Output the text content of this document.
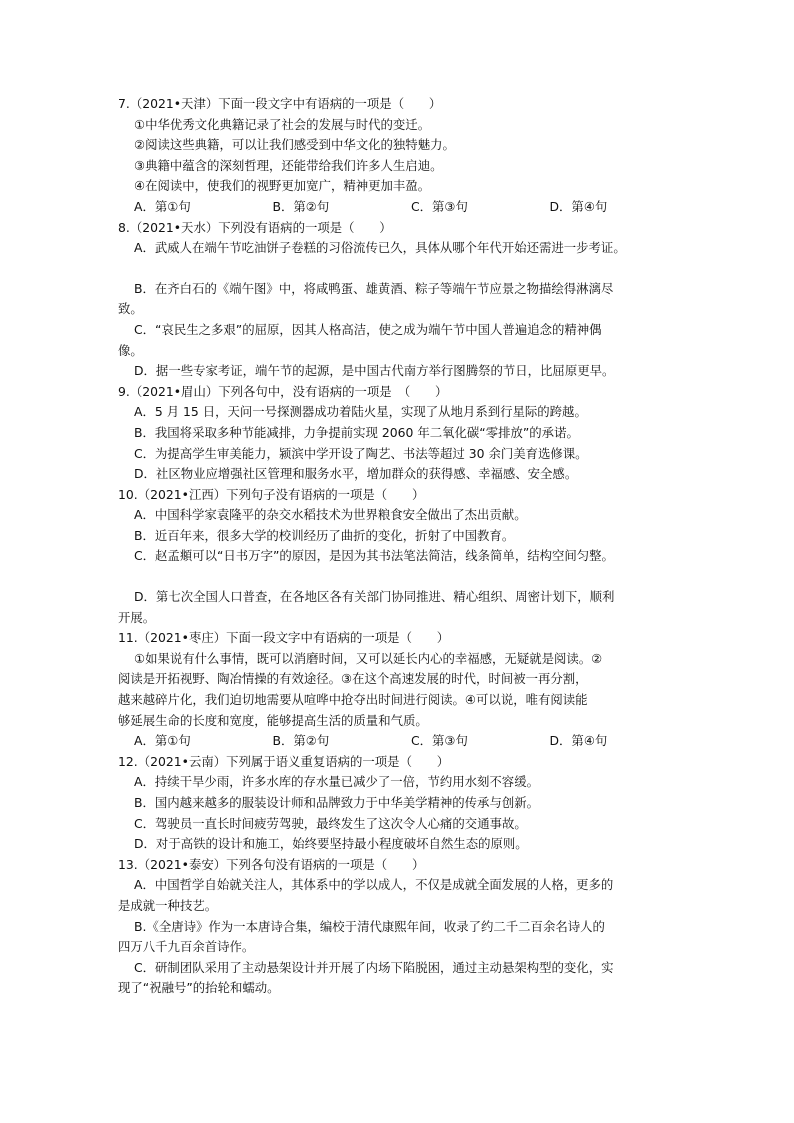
7.（2021•天津）下面一段文字中有语病的一项是（　　）

①中华优秀文化典籍记录了社会的发展与时代的变迁。

②阅读这些典籍，可以让我们感受到中华文化的独特魅力。

③典籍中蕴含的深刻哲理，还能带给我们许多人生启迪。

④在阅读中，使我们的视野更加宽广，精神更加丰盈。

A．第①句	B．第②句	C．第③句	D．第④句

8.（2021•天水）下列没有语病的一项是（　　）

A．武威人在端午节吃油饼子卷糕的习俗流传已久，具体从哪个年代开始还需进一步考证。

B．在齐白石的《端午图》中，将咸鸭蛋、雄黄酒、粽子等端午节应景之物描绘得淋漓尽

致。

C．“哀民生之多艰”的屈原，因其人格高洁，使之成为端午节中国人普遍追念的精神偶

像。

D．据一些专家考证，端午节的起源，是中国古代南方举行图腾祭的节日，比屈原更早。

9.（2021•眉山）下列各句中，没有语病的一项是　（　　）

A．5 月 15 日，天问一号探测器成功着陆火星，实现了从地月系到行星际的跨越。

B．我国将采取多种节能减排，力争提前实现 2060 年二氧化碳“零排放”的承诺。

C．为提高学生审美能力，颍滨中学开设了陶艺、书法等超过 30 余门美育选修课。

D．社区物业应增强社区管理和服务水平，增加群众的获得感、幸福感、安全感。

10.（2021•江西）下列句子没有语病的一项是（　　）

A．中国科学家袁隆平的杂交水稻技术为世界粮食安全做出了杰出贡献。

B．近百年来，很多大学的校训经历了曲折的变化，折射了中国教育。

C．赵孟頫可以“日书万字”的原因，是因为其书法笔法简洁，线条简单，结构空间匀整。

D．第七次全国人口普查，在各地区各有关部门协同推进、精心组织、周密计划下，顺利

开展。

11.（2021•枣庄）下面一段文字中有语病的一项是（　　）

①如果说有什么事情，既可以消磨时间，又可以延长内心的幸福感，无疑就是阅读。②

阅读是开拓视野、陶冶情操的有效途径。③在这个高速发展的时代，时间被一再分割，

越来越碎片化，我们迫切地需要从喧哗中抢夺出时间进行阅读。④可以说，唯有阅读能

够延展生命的长度和宽度，能够提高生活的质量和气质。

A．第①句	B．第②句	C．第③句	D．第④句

12.（2021•云南）下列属于语义重复语病的一项是（　　）

A．持续干旱少雨，许多水库的存水量已减少了一倍，节约用水刻不容缓。

B．国内越来越多的服装设计师和品牌致力于中华美学精神的传承与创新。

C．驾驶员一直长时间疲劳驾驶，最终发生了这次令人心痛的交通事故。

D．对于高铁的设计和施工，始终要坚持最小程度破坏自然生态的原则。

13.（2021•泰安）下列各句没有语病的一项是（　　）

A．中国哲学自始就关注人，其体系中的学以成人，不仅是成就全面发展的人格，更多的

是成就一种技艺。

B.《全唐诗》作为一本唐诗合集，编校于清代康熙年间，收录了约二千二百余名诗人的

四万八千九百余首诗作。

C．研制团队采用了主动悬架设计并开展了内场下陷脱困，通过主动悬架构型的变化，实

现了“祝融号”的抬轮和蠕动。
